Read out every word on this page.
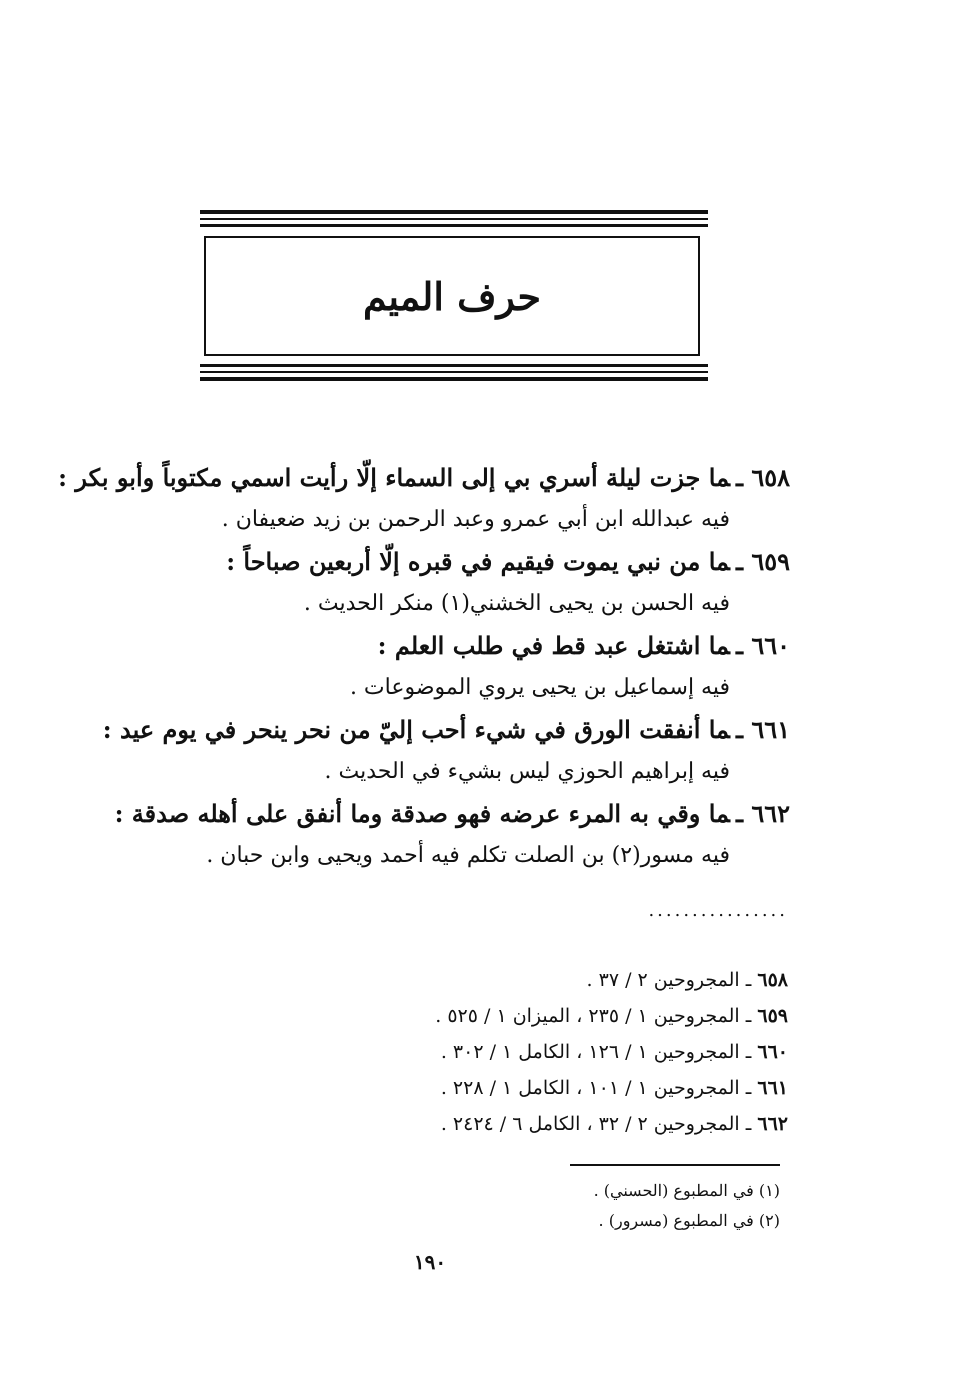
حرف الميم
٦٥٨ ـما جزت ليلة أسري بي إلى السماء إلّا رأيت اسمي مكتوباً وأبو بكر :
فيه عبدالله ابن أبي عمرو وعبد الرحمن بن زيد ضعيفان .
٦٥٩ ـما من نبي يموت فيقيم في قبره إلّا أربعين صباحاً :
فيه الحسن بن يحيى الخشني(١) منكر الحديث .
٦٦٠ ـما اشتغل عبد قط في طلب العلم :
فيه إسماعيل بن يحيى يروي الموضوعات .
٦٦١ ـما أنفقت الورق في شيء أحب إليّ من نحر ينحر في يوم عيد :
فيه إبراهيم الحوزي ليس بشيء في الحديث .
٦٦٢ ـما وقي به المرء عرضه فهو صدقة وما أنفق على أهله صدقة :
فيه مسور(٢) بن الصلت تكلم فيه أحمد ويحيى وابن حبان .
................
٦٥٨ ـ المجروحين ٢ / ٣٧ .
٦٥٩ ـ المجروحين ١ / ٢٣٥ ، الميزان ١ / ٥٢٥ .
٦٦٠ ـ المجروحين ١ / ١٢٦ ، الكامل ١ / ٣٠٢ .
٦٦١ ـ المجروحين ١ / ١٠١ ، الكامل ١ / ٢٢٨ .
٦٦٢ ـ المجروحين ٢ / ٣٢ ، الكامل ٦ / ٢٤٢٤ .
(١) في المطبوع (الحسني) .
(٢) في المطبوع (مسرور) .
١٩٠
